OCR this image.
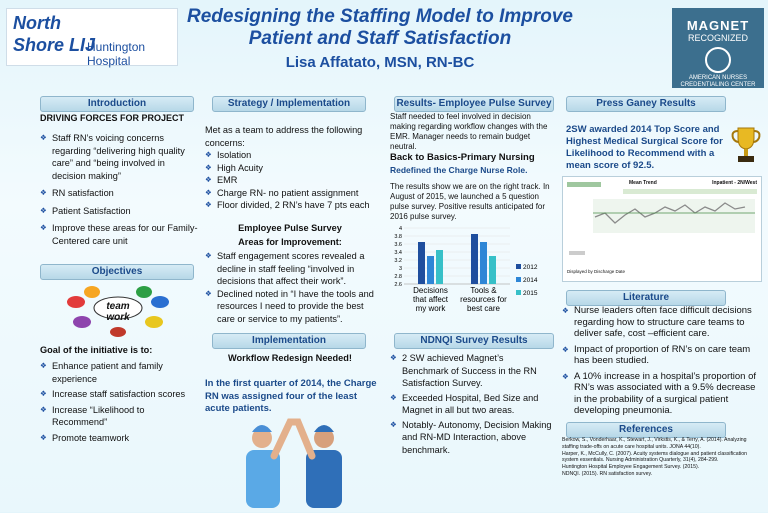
North
Shore LIJ
Huntington Hospital
Redesigning the Staffing Model to Improve Patient and Staff Satisfaction
Lisa Affatato, MSN, RN-BC
MAGNET
RECOGNIZED
AMERICAN NURSES CREDENTIALING CENTER
Introduction
DRIVING FORCES FOR PROJECT
❖ Staff RN’s voicing concerns regarding “delivering high quality care” and “being involved in decision making”
❖ RN satisfaction
❖ Patient Satisfaction
❖ Improve these areas for our Family-Centered care unit
Objectives
team work
Goal of the initiative is to:
❖ Enhance patient and family experience
❖ Increase staff satisfaction scores
❖ Increase “Likelihood to Recommend”
❖ Promote teamwork
Strategy / Implementation
Met as a team to address the following concerns:
❖ Isolation
❖ High Acuity
❖ EMR
❖ Charge RN- no patient assignment
❖ Floor divided, 2 RN’s have 7 pts each
Employee Pulse Survey
Areas for Improvement:
❖ Staff engagement scores revealed a decline in staff feeling “involved in decisions that affect their work”.
❖ Declined noted in “I have the tools and resources I need to provide the best care or service to my patients”.
Implementation
Workflow Redesign Needed!
In the first quarter of 2014, the Charge RN was assigned four of the least acute patients.
Results- Employee Pulse Survey
Staff needed to feel involved in decision making regarding workflow changes with the EMR. Manager needs to remain budget neutral.
Back to Basics-Primary Nursing
Redefined the Charge Nurse Role.
The results show we are on the right track. In August of 2015, we launched a 5 question pulse survey. Positive results anticipated for 2016 pulse survey.
2.6
2.8
3
3.2
3.4
3.6
3.8
4
Decisions
that affect
my work
Tools &
resources for
best care
2012
2014
2015
NDNQI Survey Results
❖ 2 SW achieved Magnet’s Benchmark of Success in the RN Satisfaction Survey.
❖ Exceeded Hospital, Bed Size and Magnet in all but two areas.
❖ Notably- Autonomy, Decision Making and RN-MD Interaction, above benchmark.
Press Ganey Results
2SW awarded 2014 Top Score and Highest Medical Surgical Score for Likelihood to Recommend with a mean score of 92.5.
Mean Trend	Inpatient - 2N/West
Displayed by Discharge Date
Literature
❖ Nurse leaders often face difficult decisions regarding how to structure care teams to deliver safe, cost –efficient care.
❖ Impact of proportion of RN’s on care team has been studied.
❖ A 10% increase in a hospital’s proportion of RN’s was associated with a 9.5% decrease in the probability of a surgical patient developing pneumonia.
References
Berkow, S., Vonderhaar, K., Stewart, J., Virkstis, K., & Terry, A. (2014). Analyzing staffing trade-offs on acute care hospital units. JONA 44(10).
Harper, K., McCully, C. (2007). Acuity systems dialogue and patient classification system essentials. Nursing Administration Quarterly, 31(4), 284-299.
Huntington Hospital Employee Engagement Survey. (2015).
NDNQI. (2015). RN satisfaction survey.
